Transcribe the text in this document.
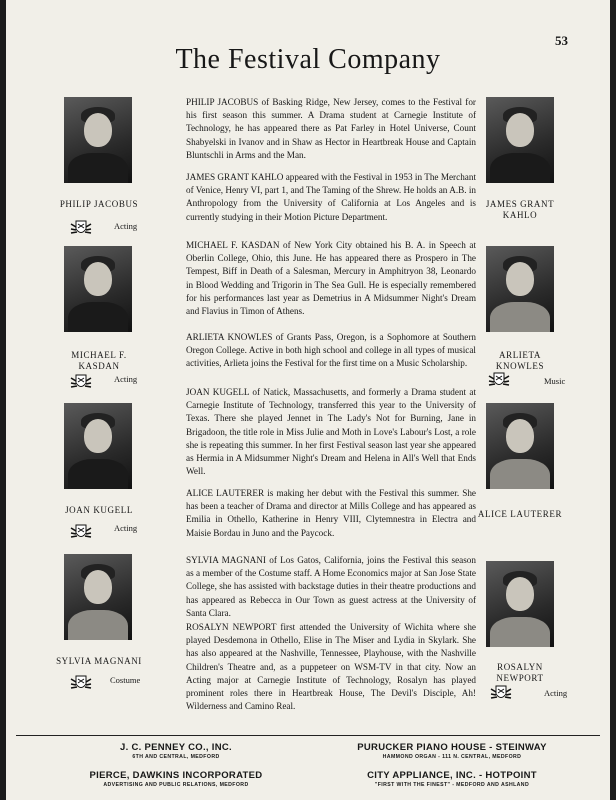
53
The Festival Company

PHILIP JACOBUS of Basking Ridge, New Jersey, comes to the Festival for his first season this summer. A Drama student at Carnegie Institute of Technology, he has appeared there as Pat Farley in Hotel Universe, Count Shabyelski in Ivanov and in Shaw as Hector in Heartbreak House and Captain Bluntschli in Arms and the Man.

JAMES GRANT KAHLO appeared with the Festival in 1953 in The Merchant of Venice, Henry VI, part 1, and The Taming of the Shrew. He holds an A.B. in Anthropology from the University of California at Los Angeles and is currently studying in their Motion Picture Department.

MICHAEL F. KASDAN of New York City obtained his B. A. in Speech at Oberlin College, Ohio, this June. He has appeared there as Prospero in The Tempest, Biff in Death of a Salesman, Mercury in Amphitryon 38, Leonardo in Blood Wedding and Trigorin in The Sea Gull. He is especially remembered for his performances last year as Demetrius in A Midsummer Night's Dream and Flavius in Timon of Athens.

ARLIETA KNOWLES of Grants Pass, Oregon, is a Sophomore at Southern Oregon College. Active in both high school and college in all types of musical activities, Arlieta joins the Festival for the first time on a Music Scholarship.

JOAN KUGELL of Natick, Massachusetts, and formerly a Drama student at Carnegie Institute of Technology, transferred this year to the University of Texas. There she played Jennet in The Lady's Not for Burning, Jane in Brigadoon, the title role in Miss Julie and Moth in Love's Labour's Lost, a role she is repeating this summer. In her first Festival season last year she appeared as Hermia in A Midsummer Night's Dream and Helena in All's Well that Ends Well.

ALICE LAUTERER is making her debut with the Festival this summer. She has been a teacher of Drama and director at Mills College and has appeared as Emilia in Othello, Katherine in Henry VIII, Clytemnestra in Electra and Maisie Bordau in Juno and the Paycock.

SYLVIA MAGNANI of Los Gatos, California, joins the Festival this season as a member of the Costume staff. A Home Economics major at San Jose State College, she has assisted with backstage duties in their theatre productions and has appeared as Rebecca in Our Town as guest actress at the University of Santa Clara.

ROSALYN NEWPORT first attended the University of Wichita where she played Desdemona in Othello, Elise in The Miser and Lydia in Skylark. She has also appeared at the Nashville, Tennessee, Playhouse, with the Nashville Children's Theatre and, as a puppeteer on WSM-TV in that city. Now an Acting major at Carnegie Institute of Technology, Rosalyn has played prominent roles there in Heartbreak House, The Devil's Disciple, Ah! Wilderness and Camino Real.

PHILIP JACOBUS
Acting
MICHAEL F.
KASDAN
Acting
JOAN KUGELL
Acting
SYLVIA MAGNANI
Costume
JAMES GRANT
KAHLO
ARLIETA
KNOWLES
Music
ALICE LAUTERER
ROSALYN
NEWPORT
Acting
J. C. PENNEY CO., INC.
6TH AND CENTRAL, MEDFORD
PURUCKER PIANO HOUSE - STEINWAY
HAMMOND ORGAN - 111 N. CENTRAL, MEDFORD
PIERCE, DAWKINS INCORPORATED
ADVERTISING AND PUBLIC RELATIONS, MEDFORD
CITY APPLIANCE, INC. - HOTPOINT
"FIRST WITH THE FINEST" - MEDFORD AND ASHLAND
